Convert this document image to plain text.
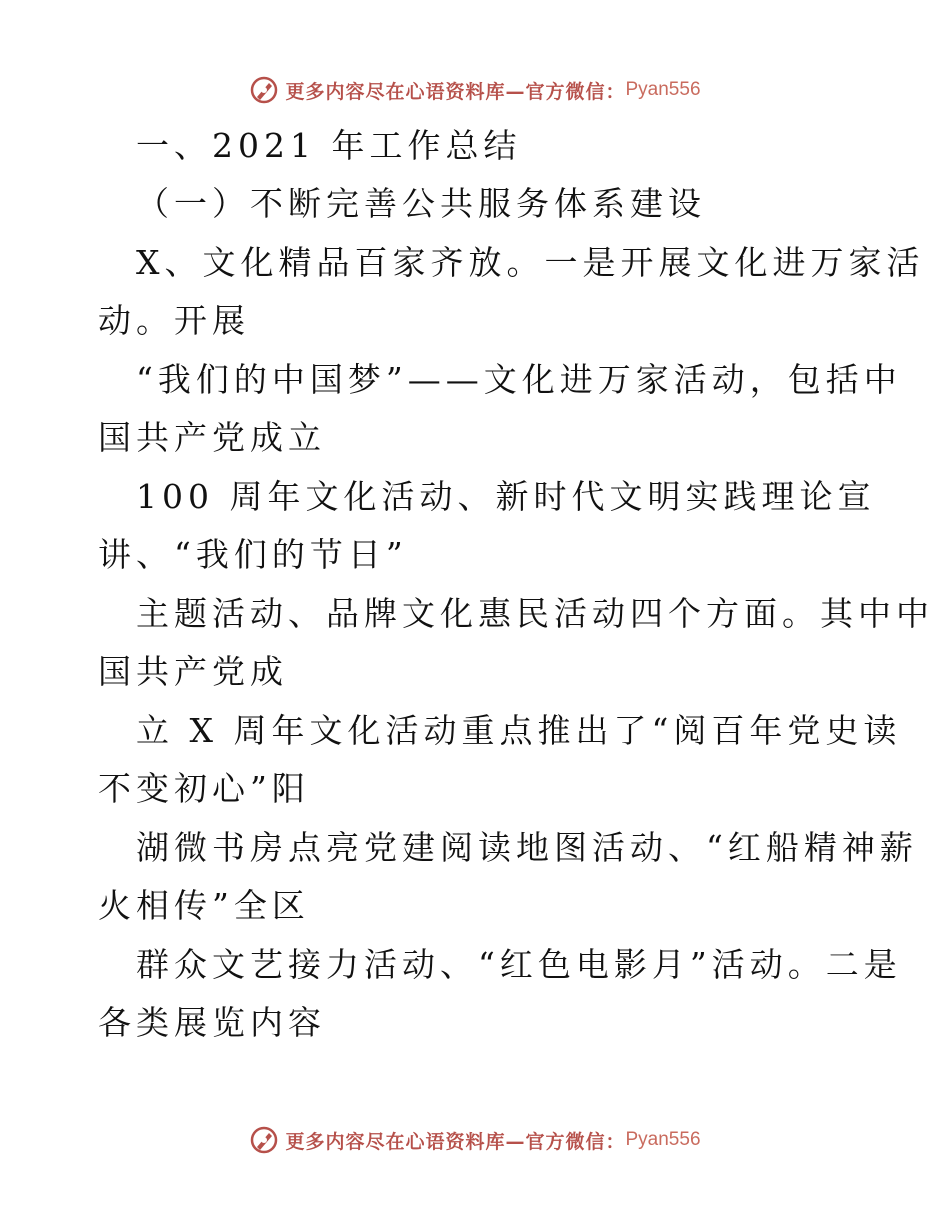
更多内容尽在心语资料库—官方微信： Pyan556
一、2021 年工作总结
（一）不断完善公共服务体系建设
X、文化精品百家齐放。一是开展文化进万家活
动。开展
“我们的中国梦”——文化进万家活动，包括中
国共产党成立
100 周年文化活动、新时代文明实践理论宣
讲、“我们的节日”
主题活动、品牌文化惠民活动四个方面。其中中
国共产党成
立 X 周年文化活动重点推出了“阅百年党史读
不变初心”阳
湖微书房点亮党建阅读地图活动、“红船精神薪
火相传”全区
群众文艺接力活动、“红色电影月”活动。二是
各类展览内容
更多内容尽在心语资料库—官方微信： Pyan556
